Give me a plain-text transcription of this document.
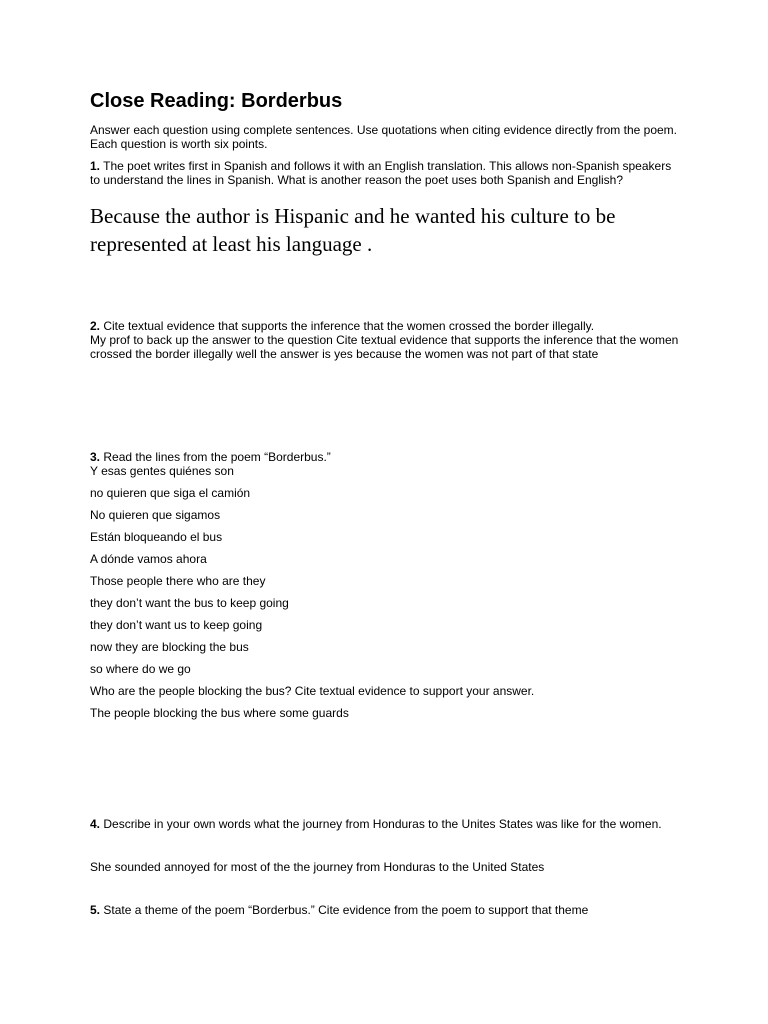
Close Reading: Borderbus
Answer each question using complete sentences. Use quotations when citing evidence directly from the poem. Each question is worth six points.
1. The poet writes first in Spanish and follows it with an English translation. This allows non-Spanish speakers to understand the lines in Spanish. What is another reason the poet uses both Spanish and English?
Because the author is Hispanic and he wanted his culture to be represented at least his language .
2. Cite textual evidence that supports the inference that the women crossed the border illegally.
My prof to back up the answer to the question Cite textual evidence that supports the inference that the women crossed the border illegally well the answer is yes because the women was not part of that state
3. Read the lines from the poem “Borderbus.”
Y esas gentes quiénes son
no quieren que siga el camión
No quieren que sigamos
Están bloqueando el bus
A dónde vamos ahora
Those people there who are they
they don’t want the bus to keep going
they don’t want us to keep going
now they are blocking the bus
so where do we go
Who are the people blocking the bus? Cite textual evidence to support your answer.
The people blocking the bus where some guards
4. Describe in your own words what the journey from Honduras to the Unites States was like for the women.
She sounded annoyed for most of the the journey from Honduras to the United States
5. State a theme of the poem “Borderbus.” Cite evidence from the poem to support that theme
